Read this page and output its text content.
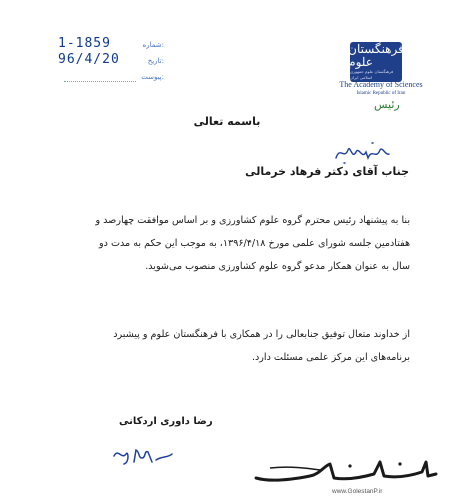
شماره:
1-1859
تاریخ:
96/4/20
پیوست:
فرهنگستان علوم
فرهنگستان علوم جمهوری اسلامی ایران
The Academy of Sciences
Islamic Republic of Iran
رئیس
باسمه تعالی
جناب آقای دکتر فرهاد خرمالی
بنا به پیشنهاد رئیس محترم گروه علوم کشاورزی و بر اساس موافقت چهارصد و هفتادمین جلسه شورای علمی مورخ ۱۳۹۶/۴/۱۸، به موجب این حکم به مدت دو سال به عنوان همکار مدعو گروه علوم کشاورزی منصوب می‌شوید.
از خداوند متعال توفیق جنابعالی را در همکاری با فرهنگستان علوم و پیشبرد برنامه‌های این مرکز علمی مسئلت دارد.
رضا داوری اردکانی
www.GolestanP.ir
